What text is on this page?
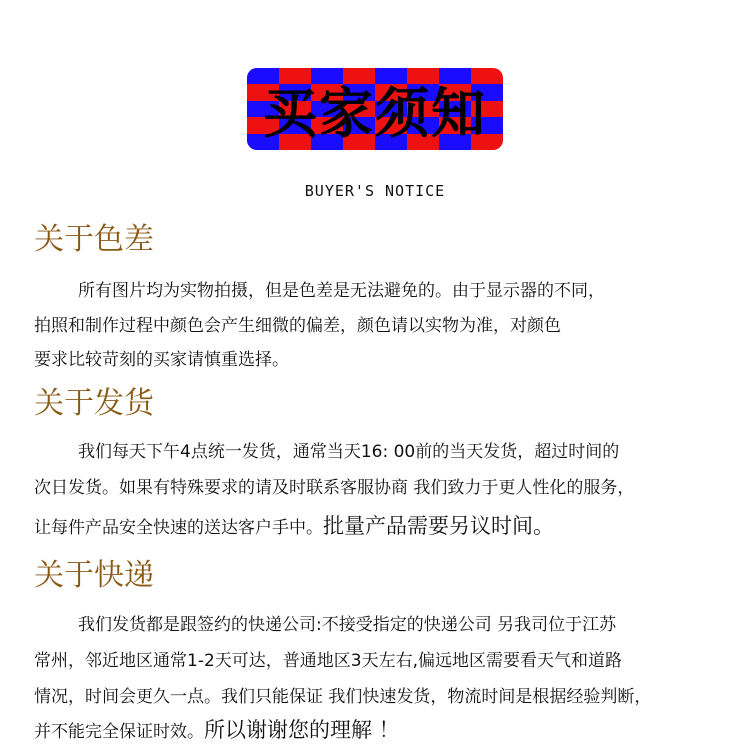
买家须知
BUYER'S NOTICE
关于色差
所有图片均为实物拍摄，但是色差是无法避免的。由于显示器的不同，
拍照和制作过程中颜色会产生细微的偏差，颜色请以实物为准，对颜色
要求比较苛刻的买家请慎重选择。
关于发货
我们每天下午4点统一发货，通常当天16: 00前的当天发货，超过时间的
次日发货。如果有特殊要求的请及时联系客服协商 我们致力于更人性化的服务，
让每件产品安全快速的送达客户手中。批量产品需要另议时间。
关于快递
我们发货都是跟签约的快递公司:不接受指定的快递公司 另我司位于江苏
常州，邻近地区通常1-2天可达，普通地区3天左右,偏远地区需要看天气和道路
情况，时间会更久一点。我们只能保证 我们快速发货，物流时间是根据经验判断，
并不能完全保证时效。所以谢谢您的理解 ！
